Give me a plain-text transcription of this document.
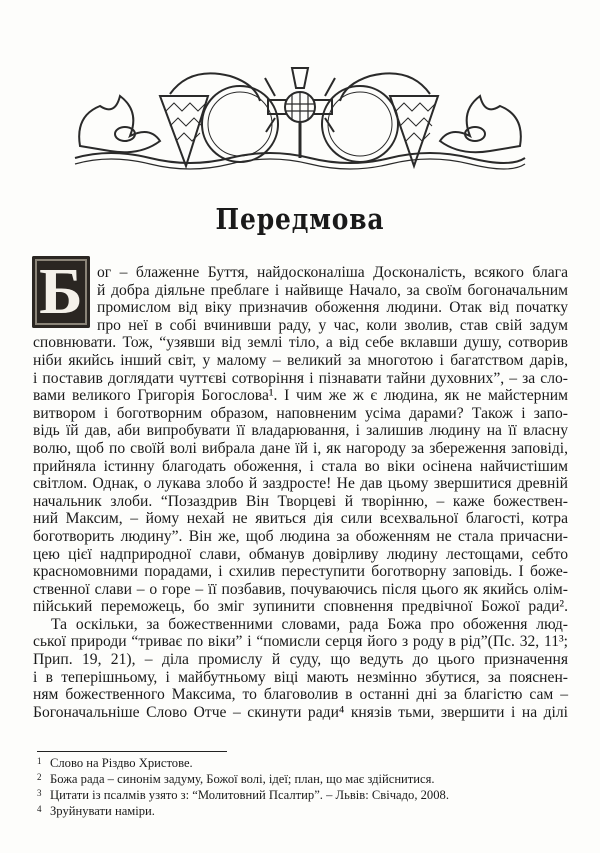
Передмова
Б ог – блаженне Буття, найдосконаліша Досконалість, всякого блага
й добра діяльне преблаге і найвище Начало, за своїм богоначальним
промислом від віку призначив обоження людини. Отак від початку
про неї в собі вчинивши раду, у час, коли зволив, став свій задум
сповнювати. Тож, “узявши від землі тіло, а від себе вклавши душу, сотворив
ніби якийсь інший світ, у малому – великий за многотою і багатством дарів,
і поставив доглядати чуттєві сотворіння і пізнавати тайни духовних”, – за сло-
вами великого Григорія Богослова¹. І чим же ж є людина, як не майстерним
витвором і боготворним образом, наповненим усіма дарами? Також і запо-
відь їй дав, аби випробувати її владарювання, і залишив людину на її власну
волю, щоб по своїй волі вибрала дане їй і, як нагороду за збереження заповіді,
прийняла істинну благодать обоження, і стала во віки осінена найчистішим
світлом. Однак, о лукава злобо й заздросте! Не дав цьому звершитися древній
начальник злоби. “Позаздрив Він Творцеві й творінню, – каже божествен-
ний Максим, – йому нехай не явиться дія сили всехвальної благості, котра
боготворить людину”. Він же, щоб людина за обоженням не стала причасни-
цею цієї надприродної слави, обманув довірливу людину лестощами, себто
красномовними порадами, і схилив переступити боготворну заповідь. І боже-
ственної слави – о горе – її позбавив, почуваючись після цього як якийсь олім-
пійський переможець, бо зміг зупинити сповнення предвічної Божої ради².
Та оскільки, за божественними словами, рада Божа про обоження люд-
ської природи “триває по віки” і “помисли серця його з роду в рід”(Пс. 32, 11³;
Прип. 19, 21), – діла промислу й суду, що ведуть до цього призначення
і в теперішньому, і майбутньому віці мають незмінно збутися, за пояснен-
ням божественного Максима, то благоволив в останні дні за благістю сам –
Богоначальніше Слово Отче – скинути ради⁴ князів тьми, звершити і на ділі
1 Слово на Різдво Христове.
2 Божа рада – синонім задуму, Божої волі, ідеї; план, що має здійснитися.
3 Цитати із псалмів узято з: “Молитовний Псалтир”. – Львів: Свічадо, 2008.
4 Зруйнувати наміри.
